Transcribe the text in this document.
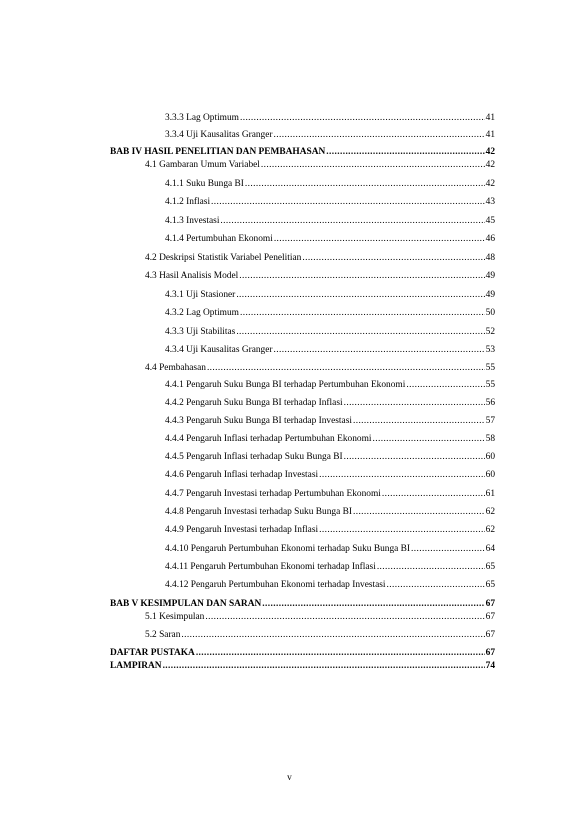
3.3.3 Lag Optimum .....	41
3.3.4 Uji Kausalitas Granger .....	41
BAB IV HASIL PENELITIAN DAN PEMBAHASAN .....	42
4.1 Gambaran Umum Variabel .....	42
4.1.1 Suku Bunga BI .....	42
4.1.2 Inflasi .....	43
4.1.3 Investasi .....	45
4.1.4 Pertumbuhan Ekonomi .....	46
4.2 Deskripsi Statistik Variabel Penelitian .....	48
4.3 Hasil Analisis Model .....	49
4.3.1 Uji Stasioner .....	49
4.3.2 Lag Optimum .....	50
4.3.3 Uji Stabilitas .....	52
4.3.4 Uji Kausalitas Granger .....	53
4.4 Pembahasan .....	55
4.4.1 Pengaruh Suku Bunga BI terhadap Pertumbuhan Ekonomi .....	55
4.4.2 Pengaruh Suku Bunga BI terhadap Inflasi .....	56
4.4.3 Pengaruh Suku Bunga BI terhadap Investasi .....	57
4.4.4 Pengaruh Inflasi terhadap Pertumbuhan Ekonomi .....	58
4.4.5 Pengaruh Inflasi terhadap Suku Bunga BI .....	60
4.4.6 Pengaruh Inflasi terhadap Investasi .....	60
4.4.7 Pengaruh Investasi terhadap Pertumbuhan Ekonomi .....	61
4.4.8 Pengaruh Investasi terhadap Suku Bunga BI .....	62
4.4.9 Pengaruh Investasi terhadap Inflasi .....	62
4.4.10 Pengaruh Pertumbuhan Ekonomi terhadap Suku Bunga BI .....	64
4.4.11 Pengaruh Pertumbuhan Ekonomi terhadap Inflasi .....	65
4.4.12 Pengaruh Pertumbuhan Ekonomi terhadap Investasi .....	65
BAB V KESIMPULAN DAN SARAN .....	67
5.1 Kesimpulan .....	67
5.2 Saran .....	67
DAFTAR PUSTAKA .....	67
LAMPIRAN .....	74
v
